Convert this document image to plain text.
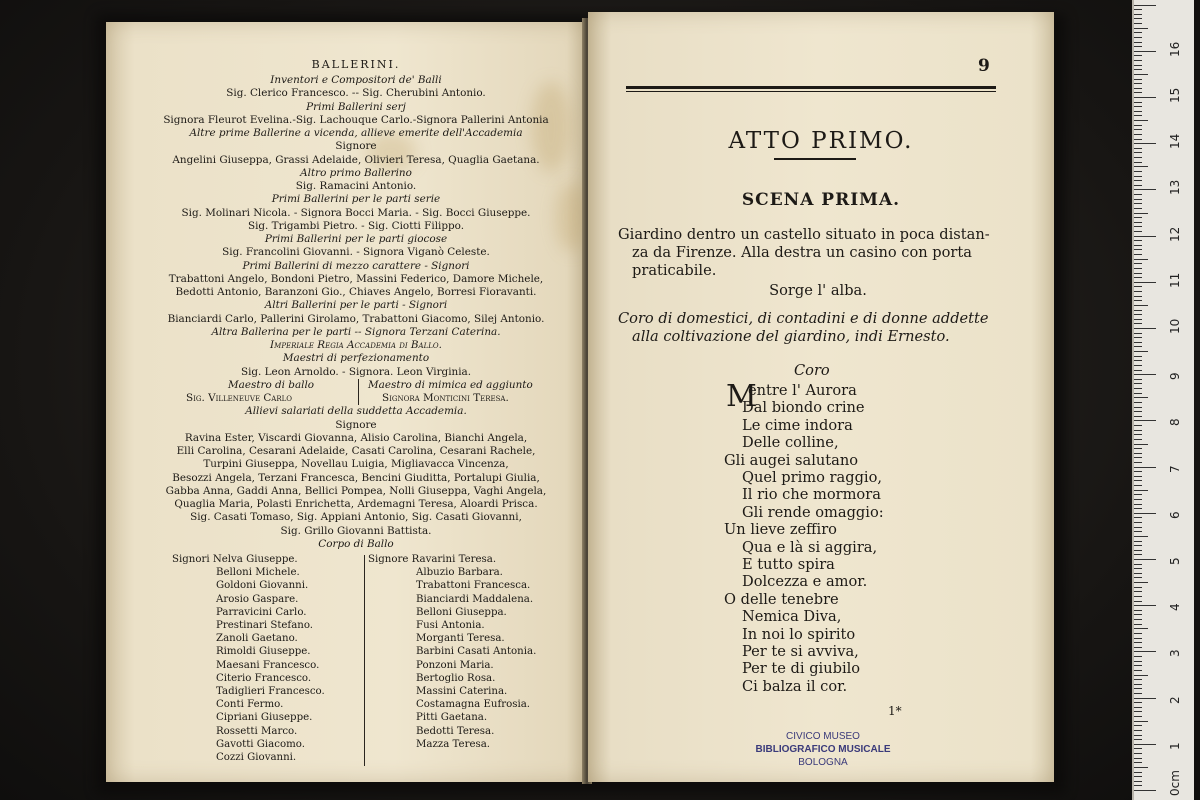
BALLERINI.
Inventori e Compositori de' Balli
Sig. Clerico Francesco. -- Sig. Cherubini Antonio.
Primi Ballerini serj
Signora Fleurot Evelina.-Sig. Lachouque Carlo.-Signora Pallerini Antonia
Altre prime Ballerine a vicenda, allieve emerite dell'Accademia
Signore
Angelini Giuseppa, Grassi Adelaide, Olivieri Teresa, Quaglia Gaetana.
Altro primo Ballerino
Sig. Ramacini Antonio.
Primi Ballerini per le parti serie
Sig. Molinari Nicola. - Signora Bocci Maria. - Sig. Bocci Giuseppe.
Sig. Trigambi Pietro. - Sig. Ciotti Filippo.
Primi Ballerini per le parti giocose
Sig. Francolini Giovanni. - Signora Viganò Celeste.
Primi Ballerini di mezzo carattere - Signori
Trabattoni Angelo, Bondoni Pietro, Massini Federico, Damore Michele,
Bedotti Antonio, Baranzoni Gio., Chiaves Angelo, Borresi Fioravanti.
Altri Ballerini per le parti - Signori
Bianciardi Carlo, Pallerini Girolamo, Trabattoni Giacomo, Silej Antonio.
Altra Ballerina per le parti -- Signora Terzani Caterina.
Imperiale Regia Accademia di Ballo.
Maestri di perfezionamento
Sig. Leon Arnoldo. - Signora. Leon Virginia.
Maestro di ballo
Sig. Villeneuve Carlo
Maestro di mimica ed aggiunto
Signora Monticini Teresa.
Allievi salariati della suddetta Accademia.
Signore
Ravina Ester, Viscardi Giovanna, Alisio Carolina, Bianchi Angela,
Elli Carolina, Cesarani Adelaide, Casati Carolina, Cesarani Rachele,
Turpini Giuseppa, Novellau Luigia, Migliavacca Vincenza,
Besozzi Angela, Terzani Francesca, Bencini Giuditta, Portalupi Giulia,
Gabba Anna, Gaddi Anna, Bellici Pompea, Nolli Giuseppa, Vaghi Angela,
Quaglia Maria, Polasti Enrichetta, Ardemagni Teresa, Aloardi Prisca.
Sig. Casati Tomaso, Sig. Appiani Antonio, Sig. Casati Giovanni,
Sig. Grillo Giovanni Battista.
Corpo di Ballo
Signori Nelva Giuseppe.
Belloni Michele.
Goldoni Giovanni.
Arosio Gaspare.
Parravicini Carlo.
Prestinari Stefano.
Zanoli Gaetano.
Rimoldi Giuseppe.
Maesani Francesco.
Citerio Francesco.
Tadiglieri Francesco.
Conti Fermo.
Cipriani Giuseppe.
Rossetti Marco.
Gavotti Giacomo.
Cozzi Giovanni.
Signore Ravarini Teresa.
Albuzio Barbara.
Trabattoni Francesca.
Bianciardi Maddalena.
Belloni Giuseppa.
Fusi Antonia.
Morganti Teresa.
Barbini Casati Antonia.
Ponzoni Maria.
Bertoglio Rosa.
Massini Caterina.
Costamagna Eufrosia.
Pitti Gaetana.
Bedotti Teresa.
Mazza Teresa.
9
ATTO PRIMO.
SCENA PRIMA.
Giardino dentro un castello situato in poca distan-
za da Firenze. Alla destra un casino con porta
praticabile.
Sorge l' alba.
Coro di domestici, di contadini e di donne addette
alla coltivazione del giardino, indi Ernesto.
Coro
M
entre l' Aurora
Dal biondo crine
Le cime indora
Delle colline,
Gli augei salutano
Quel primo raggio,
Il rio che mormora
Gli rende omaggio:
Un lieve zeffiro
Qua e là si aggira,
E tutto spira
Dolcezza e amor.
O delle tenebre
Nemica Diva,
In noi lo spirito
Per te si avviva,
Per te di giubilo
Ci balza il cor.
1*
CIVICO MUSEO
BIBLIOGRAFICO MUSICALE
BOLOGNA
16
15
14
13
12
11
10
9
8
7
6
5
4
3
2
1
0cm
